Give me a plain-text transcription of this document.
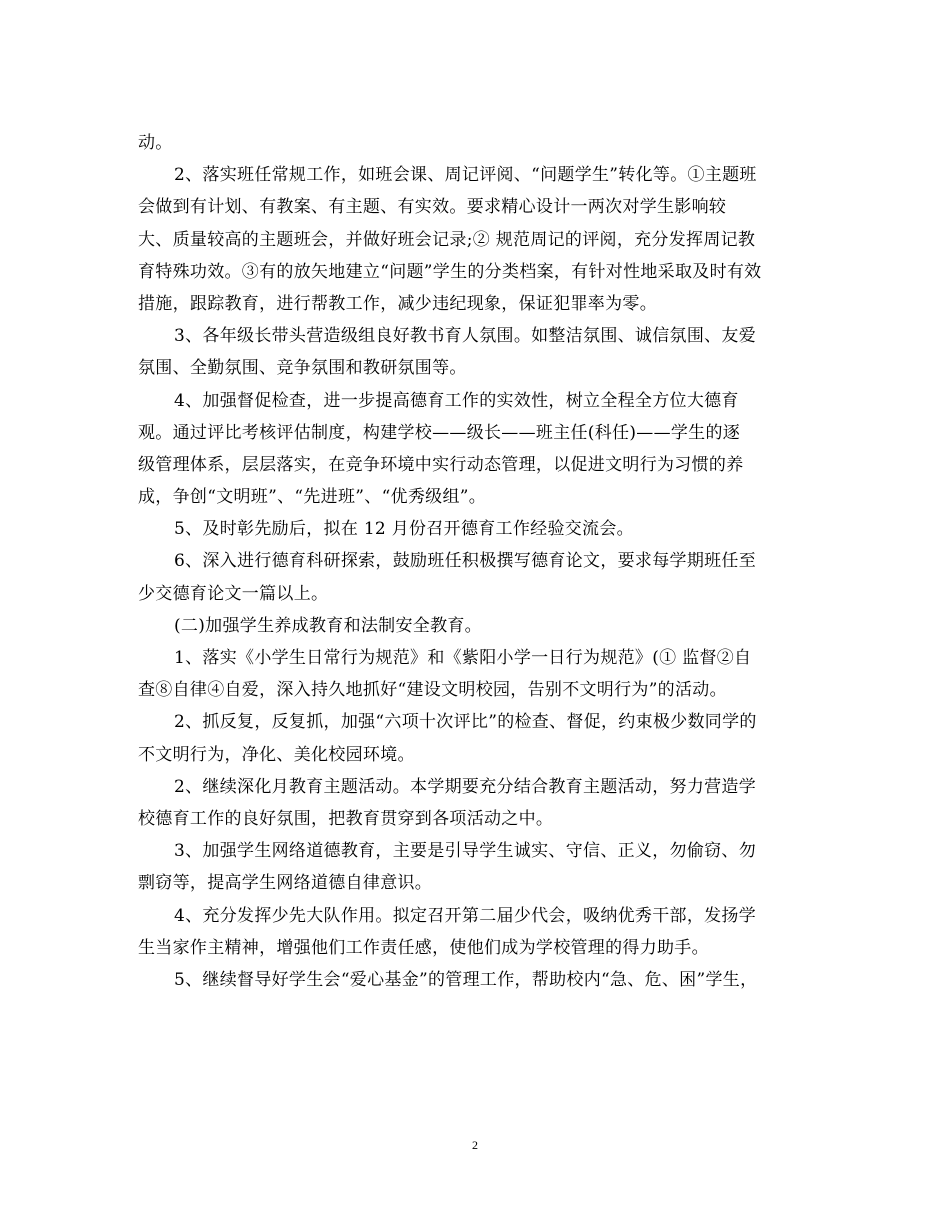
动。
2、落实班任常规工作，如班会课、周记评阅、“问题学生”转化等。①主题班
会做到有计划、有教案、有主题、有实效。要求精心设计一两次对学生影响较
大、质量较高的主题班会，并做好班会记录;② 规范周记的评阅，充分发挥周记教
育特殊功效。③有的放矢地建立“问题”学生的分类档案，有针对性地采取及时有效
措施，跟踪教育，进行帮教工作，减少违纪现象，保证犯罪率为零。
3、各年级长带头营造级组良好教书育人氛围。如整洁氛围、诚信氛围、友爱
氛围、全勤氛围、竞争氛围和教研氛围等。
4、加强督促检查，进一步提高德育工作的实效性，树立全程全方位大德育
观。通过评比考核评估制度，构建学校——级长——班主任(科任)——学生的逐
级管理体系，层层落实，在竞争环境中实行动态管理，以促进文明行为习惯的养
成，争创“文明班”、“先进班”、“优秀级组”。
5、及时彰先励后，拟在 12 月份召开德育工作经验交流会。
6、深入进行德育科研探索，鼓励班任积极撰写德育论文，要求每学期班任至
少交德育论文一篇以上。
(二)加强学生养成教育和法制安全教育。
1、落实《小学生日常行为规范》和《紫阳小学一日行为规范》(① 监督②自
查⑧自律④自爱，深入持久地抓好“建设文明校园，告别不文明行为”的活动。
2、抓反复，反复抓，加强“六项十次评比”的检查、督促，约束极少数同学的
不文明行为，净化、美化校园环境。
2、继续深化月教育主题活动。本学期要充分结合教育主题活动，努力营造学
校德育工作的良好氛围，把教育贯穿到各项活动之中。
3、加强学生网络道德教育，主要是引导学生诚实、守信、正义，勿偷窃、勿
剽窃等，提高学生网络道德自律意识。
4、充分发挥少先大队作用。拟定召开第二届少代会，吸纳优秀干部，发扬学
生当家作主精神，增强他们工作责任感，使他们成为学校管理的得力助手。
5、继续督导好学生会“爱心基金”的管理工作，帮助校内“急、危、困”学生，
2
